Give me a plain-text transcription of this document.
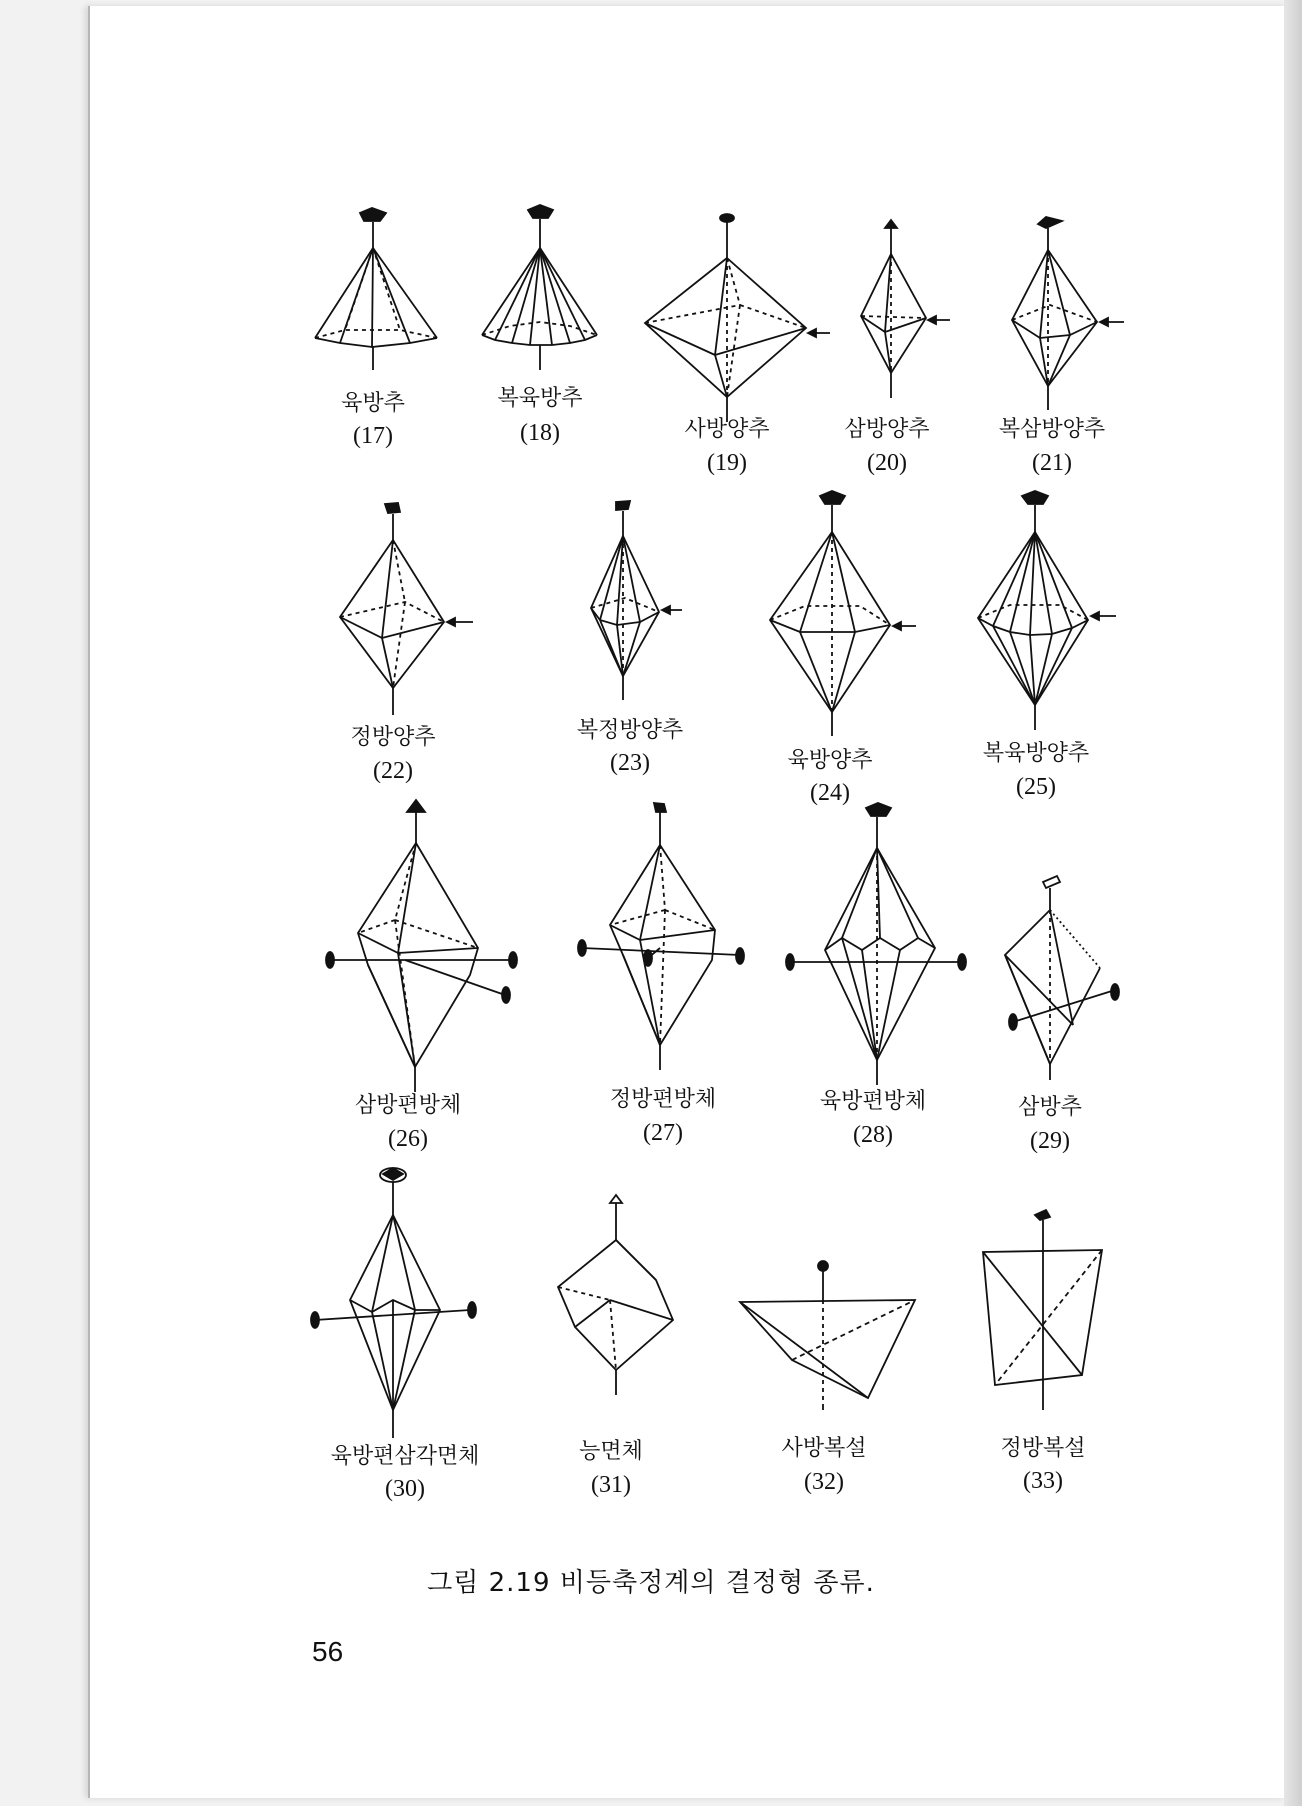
육방추
(17)
복육방추
(18)	사방양추
(19)
삼방양추
(20)
복삼방양추
(21)
정방양추
(22)
복정방양추
(23)	육방양추
(24)
복육방양추
(25)
삼방편방체
(26)
정방편방체
(27)
육방편방체
(28)
삼방추
(29)
육방편삼각면체
(30)
능면체
(31)
사방복설
(32)
정방복설
(33)
그림 2.19 비등축정계의 결정형 종류.
56
